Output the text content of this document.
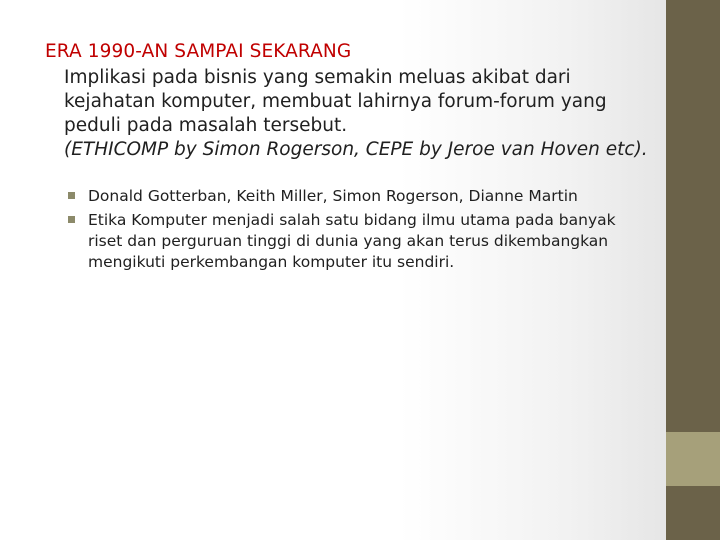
ERA 1990-AN SAMPAI SEKARANG

Implikasi pada bisnis yang semakin meluas akibat dari kejahatan komputer, membuat lahirnya forum-forum yang peduli pada masalah tersebut.

(ETHICOMP by Simon Rogerson, CEPE by Jeroe van Hoven etc).

Donald Gotterban, Keith Miller, Simon Rogerson, Dianne Martin
Etika Komputer menjadi salah satu bidang ilmu utama pada banyak riset dan perguruan tinggi di dunia yang akan terus dikembangkan mengikuti perkembangan komputer itu sendiri.
